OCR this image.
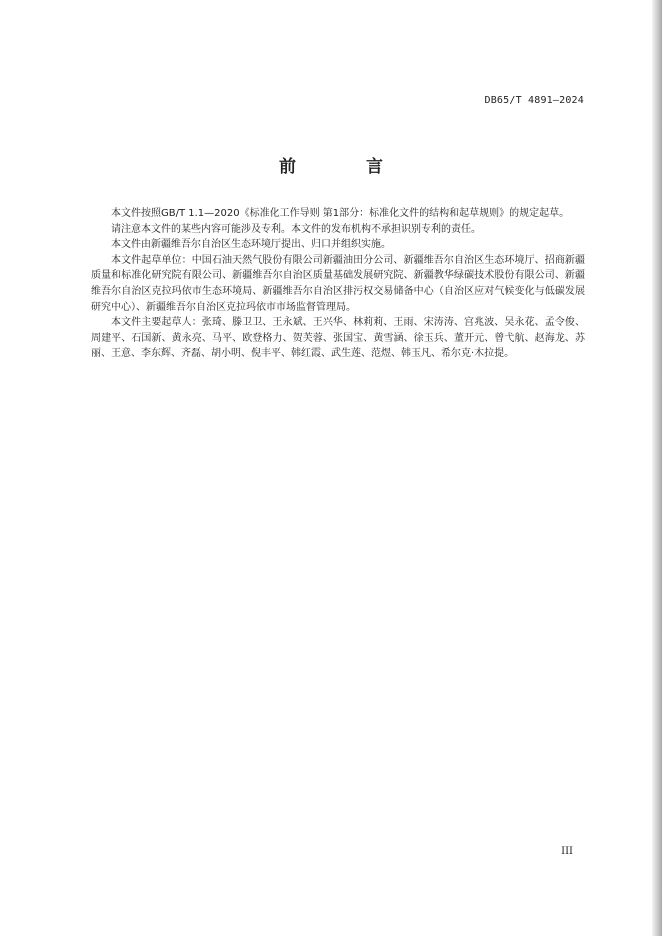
DB65/T 4891—2024
前 言

本文件按照GB/T 1.1—2020《标准化工作导则 第1部分：标准化文件的结构和起草规则》的规定起草。

请注意本文件的某些内容可能涉及专利。本文件的发布机构不承担识别专利的责任。

本文件由新疆维吾尔自治区生态环境厅提出、归口并组织实施。

本文件起草单位：中国石油天然气股份有限公司新疆油田分公司、新疆维吾尔自治区生态环境厅、招商新疆质量和标准化研究院有限公司、新疆维吾尔自治区质量基础发展研究院、新疆教华绿碳技术股份有限公司、新疆维吾尔自治区克拉玛依市生态环境局、新疆维吾尔自治区排污权交易储备中心（自治区应对气候变化与低碳发展研究中心）、新疆维吾尔自治区克拉玛依市市场监督管理局。

本文件主要起草人：张琦、滕卫卫、王永斌、王兴华、林莉莉、王雨、宋涛涛、宫兆波、吴永花、孟令俊、周建平、石国新、黄永亮、马平、欧登格力、贺芙蓉、张国宝、黄雪涵、徐玉兵、董开元、曾弋航、赵海龙、苏丽、王意、李东辉、齐磊、胡小明、倪丰平、韩红霞、武生莲、范煜、韩玉凡、希尔克·木拉提。

III
